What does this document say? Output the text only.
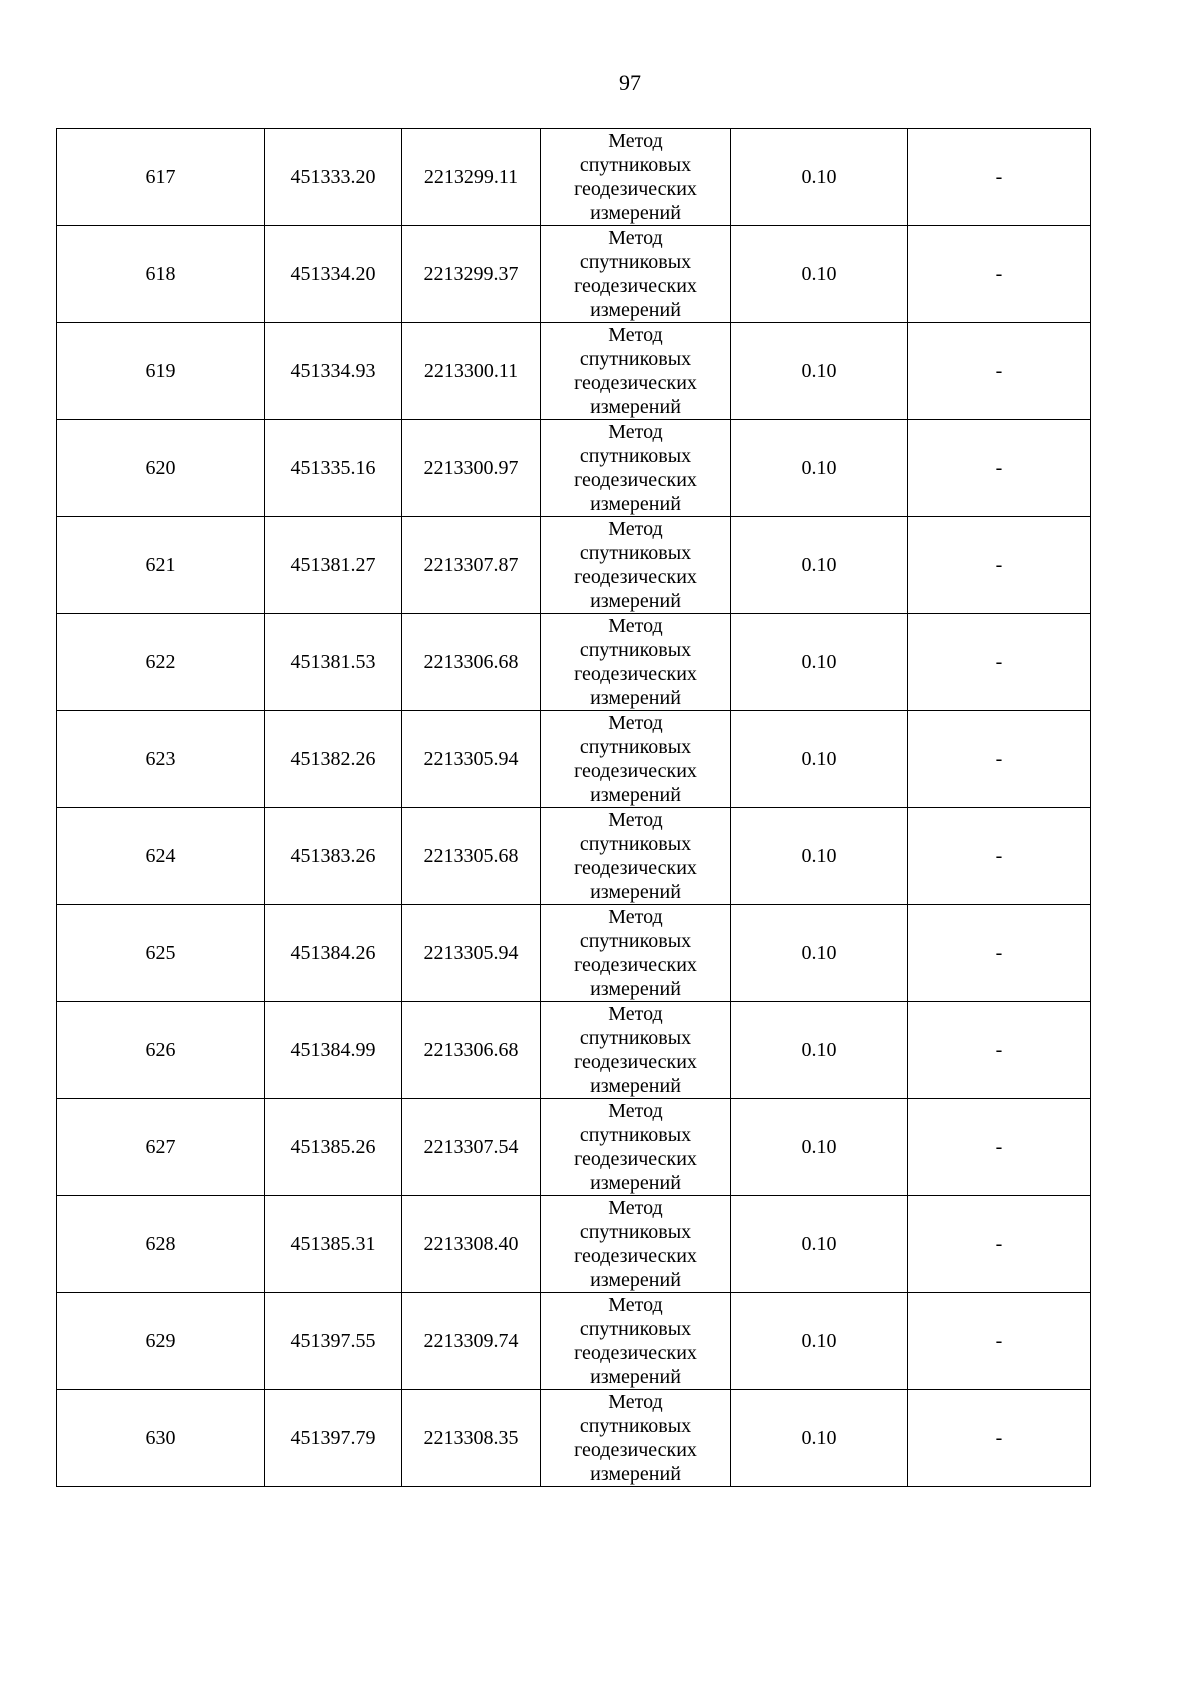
97
617	451333.20	2213299.11	Метод спутниковых геодезических измерений	0.10	-
618	451334.20	2213299.37	Метод спутниковых геодезических измерений	0.10	-
619	451334.93	2213300.11	Метод спутниковых геодезических измерений	0.10	-
620	451335.16	2213300.97	Метод спутниковых геодезических измерений	0.10	-
621	451381.27	2213307.87	Метод спутниковых геодезических измерений	0.10	-
622	451381.53	2213306.68	Метод спутниковых геодезических измерений	0.10	-
623	451382.26	2213305.94	Метод спутниковых геодезических измерений	0.10	-
624	451383.26	2213305.68	Метод спутниковых геодезических измерений	0.10	-
625	451384.26	2213305.94	Метод спутниковых геодезических измерений	0.10	-
626	451384.99	2213306.68	Метод спутниковых геодезических измерений	0.10	-
627	451385.26	2213307.54	Метод спутниковых геодезических измерений	0.10	-
628	451385.31	2213308.40	Метод спутниковых геодезических измерений	0.10	-
629	451397.55	2213309.74	Метод спутниковых геодезических измерений	0.10	-
630	451397.79	2213308.35	Метод спутниковых геодезических измерений	0.10	-
